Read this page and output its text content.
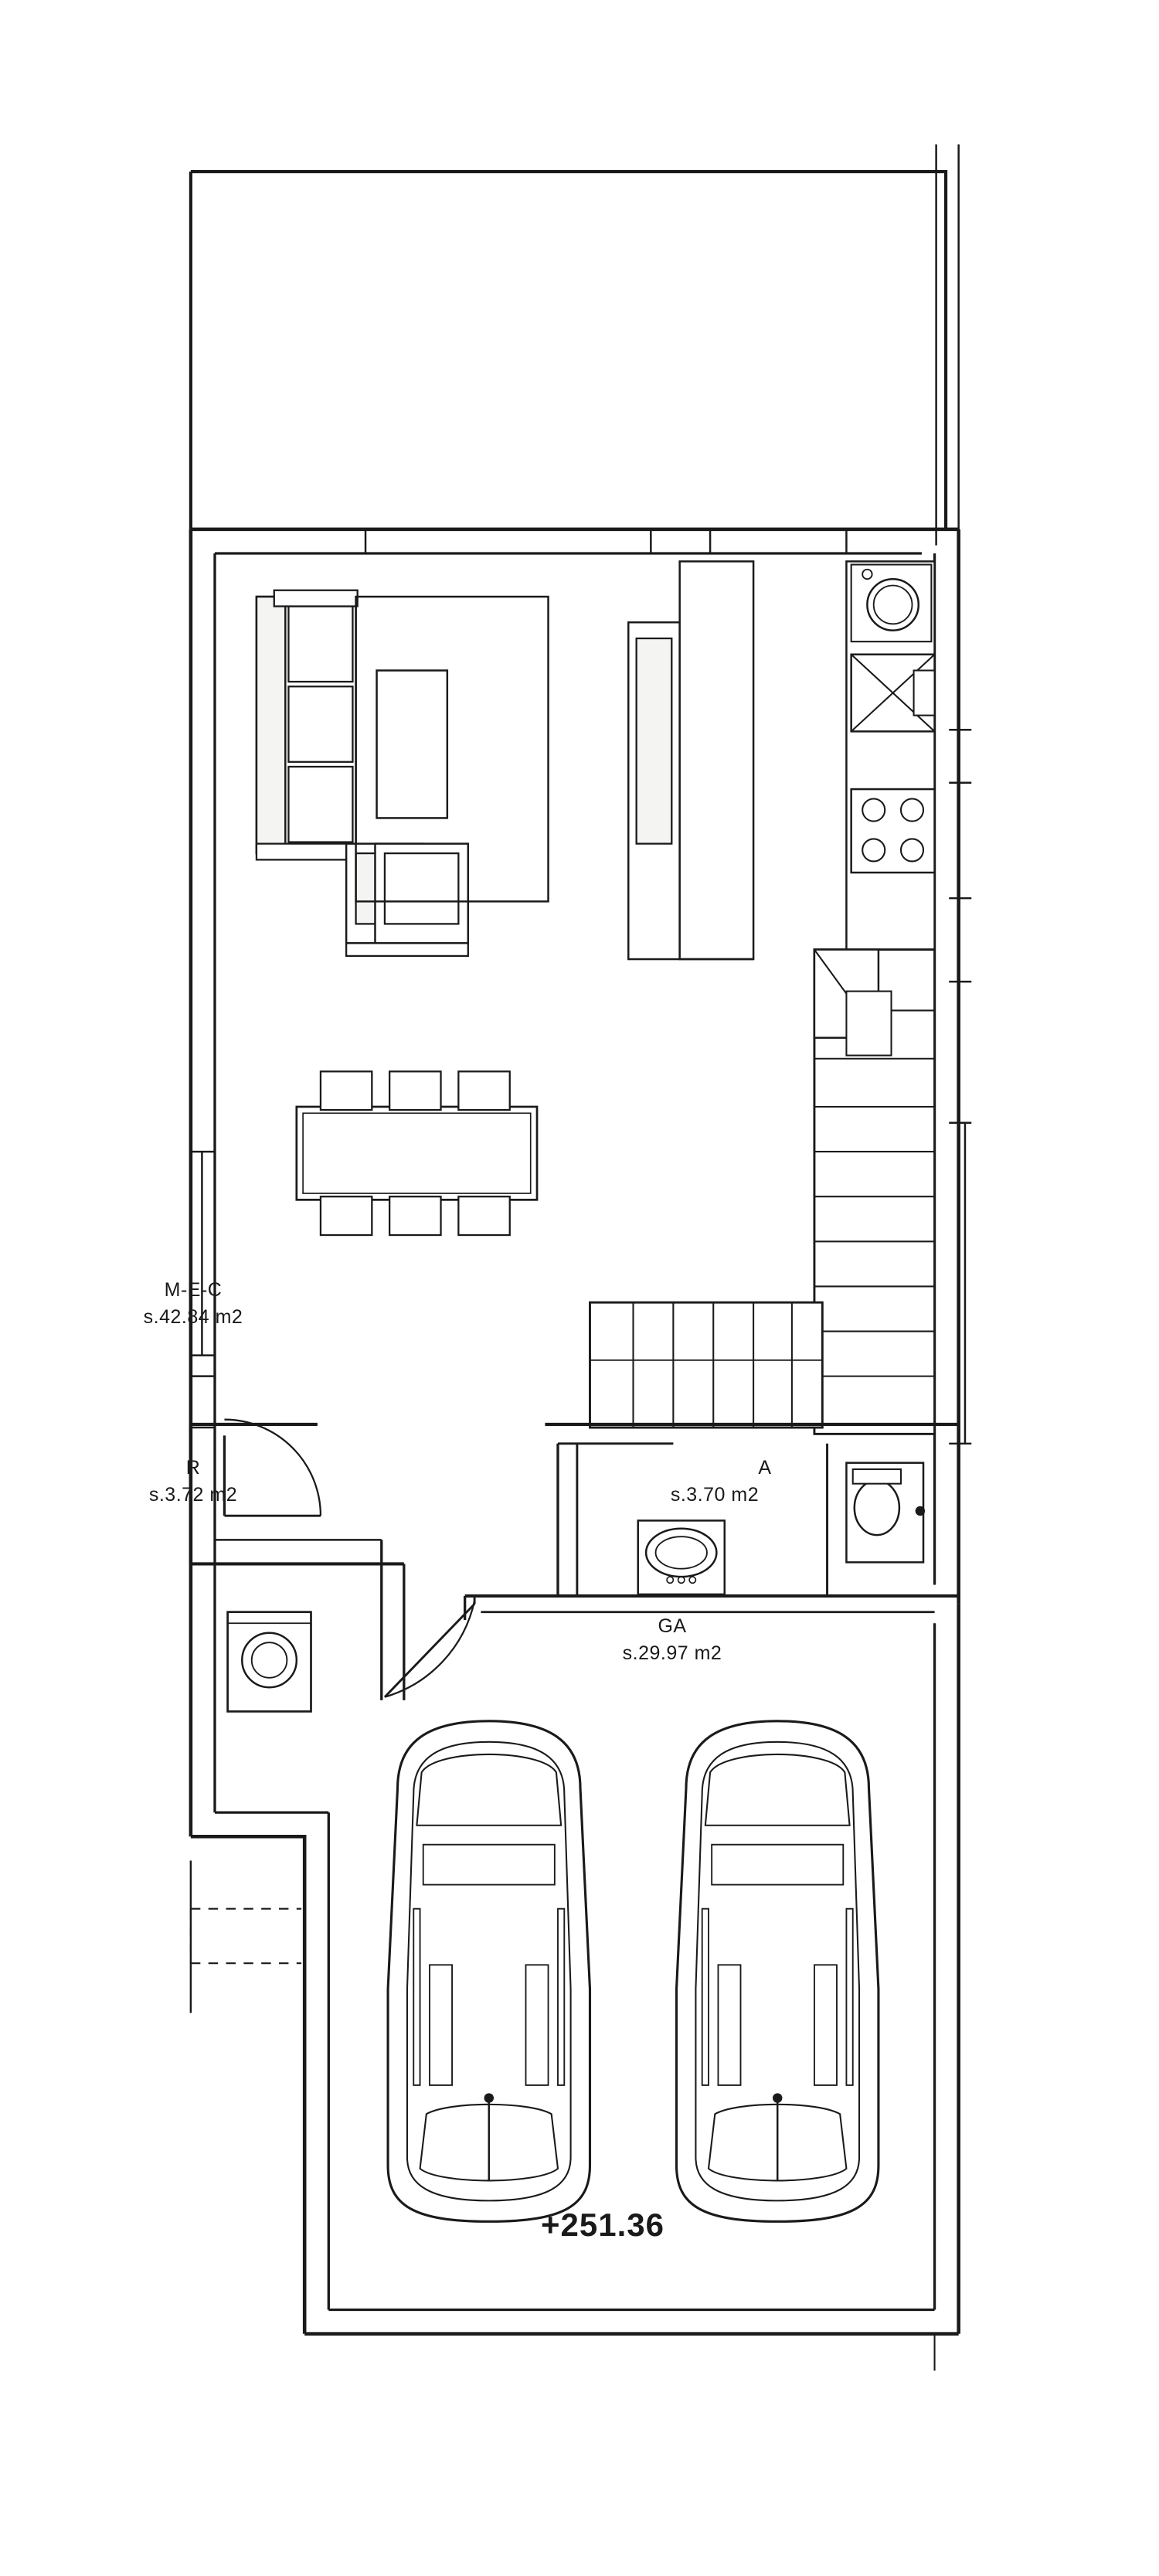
M-E-C
s.42.84 m2
R
s.3.72 m2
A
s.3.70 m2
GA
s.29.97 m2
+251.36
